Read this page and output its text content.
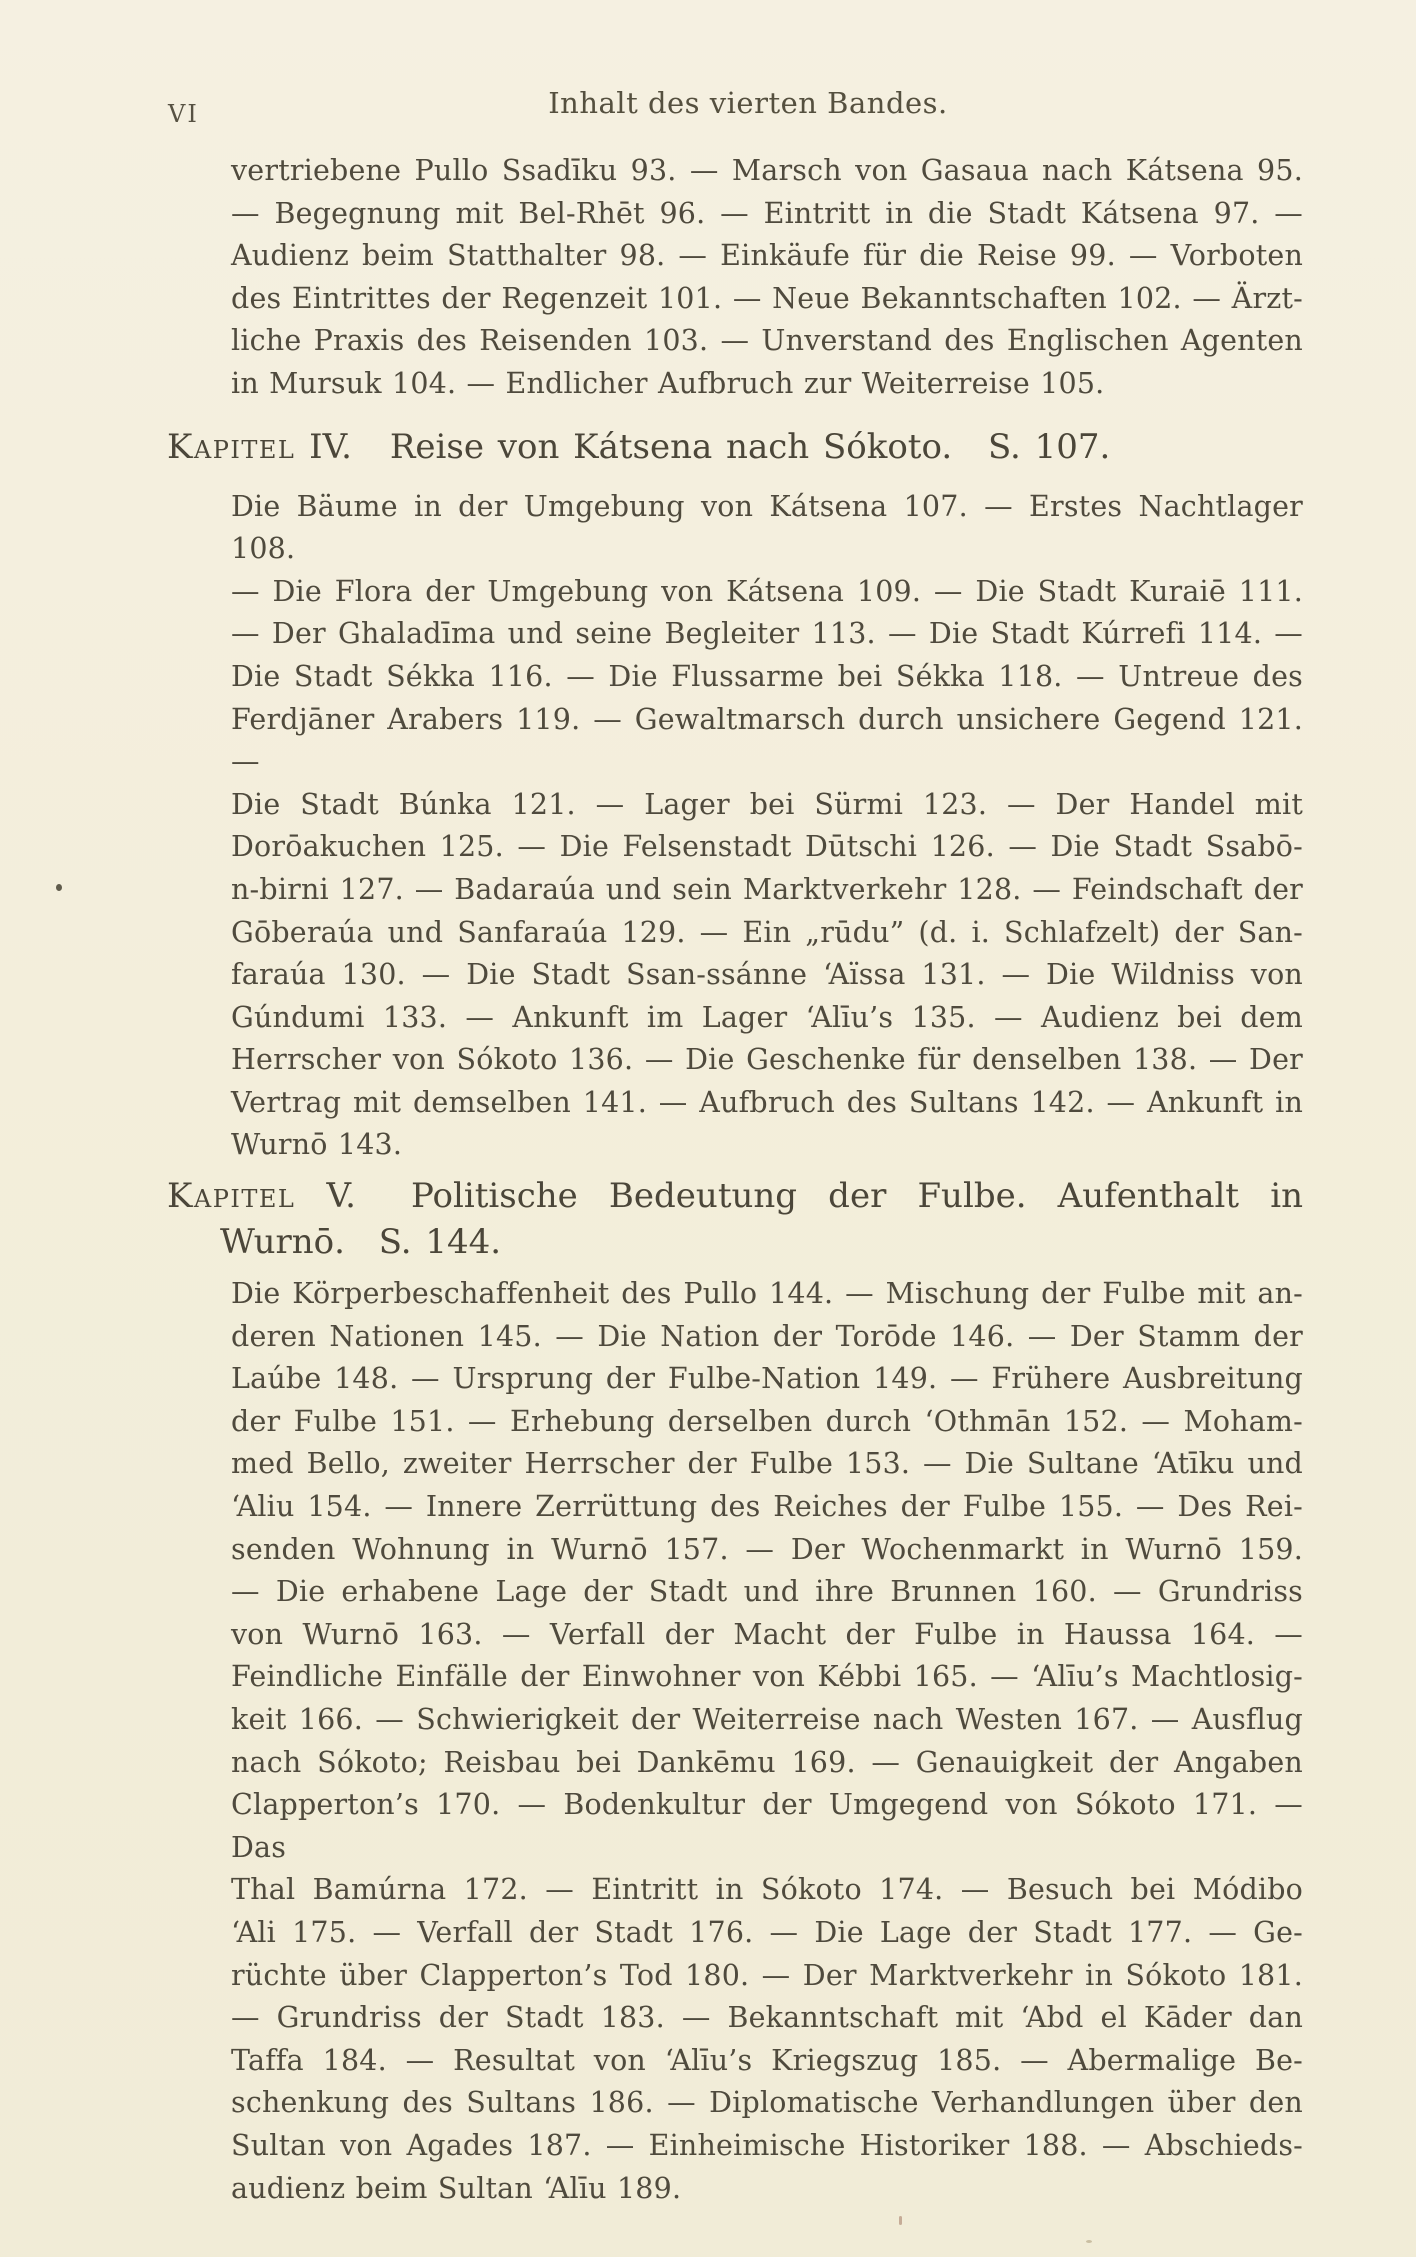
VI	Inhalt des vierten Bandes.
vertriebene Pullo Ssadīku 93. — Marsch von Gasaua nach Kátsena 95.
— Begegnung mit Bel-Rhēt 96. — Eintritt in die Stadt Kátsena 97. —
Audienz beim Statthalter 98. — Einkäufe für die Reise 99. — Vorboten
des Eintrittes der Regenzeit 101. — Neue Bekanntschaften 102. — Ärzt-
liche Praxis des Reisenden 103. — Unverstand des Englischen Agenten
in Mursuk 104. — Endlicher Aufbruch zur Weiterreise 105.
Kapitel IV. Reise von Kátsena nach Sókoto. S. 107.
Die Bäume in der Umgebung von Kátsena 107. — Erstes Nachtlager 108.
— Die Flora der Umgebung von Kátsena 109. — Die Stadt Kuraiē 111.
— Der Ghaladīma und seine Begleiter 113. — Die Stadt Kúrrefi 114. —
Die Stadt Sékka 116. — Die Flussarme bei Sékka 118. — Untreue des
Ferdjāner Arabers 119. — Gewaltmarsch durch unsichere Gegend 121. —
Die Stadt Búnka 121. — Lager bei Sürmi 123. — Der Handel mit
Dorōakuchen 125. — Die Felsenstadt Dūtschi 126. — Die Stadt Ssabō-
n-birni 127. — Badaraúa und sein Marktverkehr 128. — Feindschaft der
Gōberaúa und Sanfaraúa 129. — Ein „rūdu” (d. i. Schlafzelt) der San-
faraúa 130. — Die Stadt Ssan-ssánne ʻAïssa 131. — Die Wildniss von
Gúndumi 133. — Ankunft im Lager ʻAlīu’s 135. — Audienz bei dem
Herrscher von Sókoto 136. — Die Geschenke für denselben 138. — Der
Vertrag mit demselben 141. — Aufbruch des Sultans 142. — Ankunft in
Wurnō 143.
Kapitel V. Politische Bedeutung der Fulbe. Aufenthalt in
Wurnō. S. 144.
Die Körperbeschaffenheit des Pullo 144. — Mischung der Fulbe mit an-
deren Nationen 145. — Die Nation der Torōde 146. — Der Stamm der
Laúbe 148. — Ursprung der Fulbe-Nation 149. — Frühere Ausbreitung
der Fulbe 151. — Erhebung derselben durch ʻOthmān 152. — Moham-
med Bello, zweiter Herrscher der Fulbe 153. — Die Sultane ʻAtīku und
ʻAliu 154. — Innere Zerrüttung des Reiches der Fulbe 155. — Des Rei-
senden Wohnung in Wurnō 157. — Der Wochenmarkt in Wurnō 159.
— Die erhabene Lage der Stadt und ihre Brunnen 160. — Grundriss
von Wurnō 163. — Verfall der Macht der Fulbe in Haussa 164. —
Feindliche Einfälle der Einwohner von Kébbi 165. — ʻAlīu’s Machtlosig-
keit 166. — Schwierigkeit der Weiterreise nach Westen 167. — Ausflug
nach Sókoto; Reisbau bei Dankēmu 169. — Genauigkeit der Angaben
Clapperton’s 170. — Bodenkultur der Umgegend von Sókoto 171. — Das
Thal Bamúrna 172. — Eintritt in Sókoto 174. — Besuch bei Módibo
ʻAli 175. — Verfall der Stadt 176. — Die Lage der Stadt 177. — Ge-
rüchte über Clapperton’s Tod 180. — Der Marktverkehr in Sókoto 181.
— Grundriss der Stadt 183. — Bekanntschaft mit ʻAbd el Kāder dan
Taffa 184. — Resultat von ʻAlīu’s Kriegszug 185. — Abermalige Be-
schenkung des Sultans 186. — Diplomatische Verhandlungen über den
Sultan von Agades 187. — Einheimische Historiker 188. — Abschieds-
audienz beim Sultan ʻAlīu 189.
